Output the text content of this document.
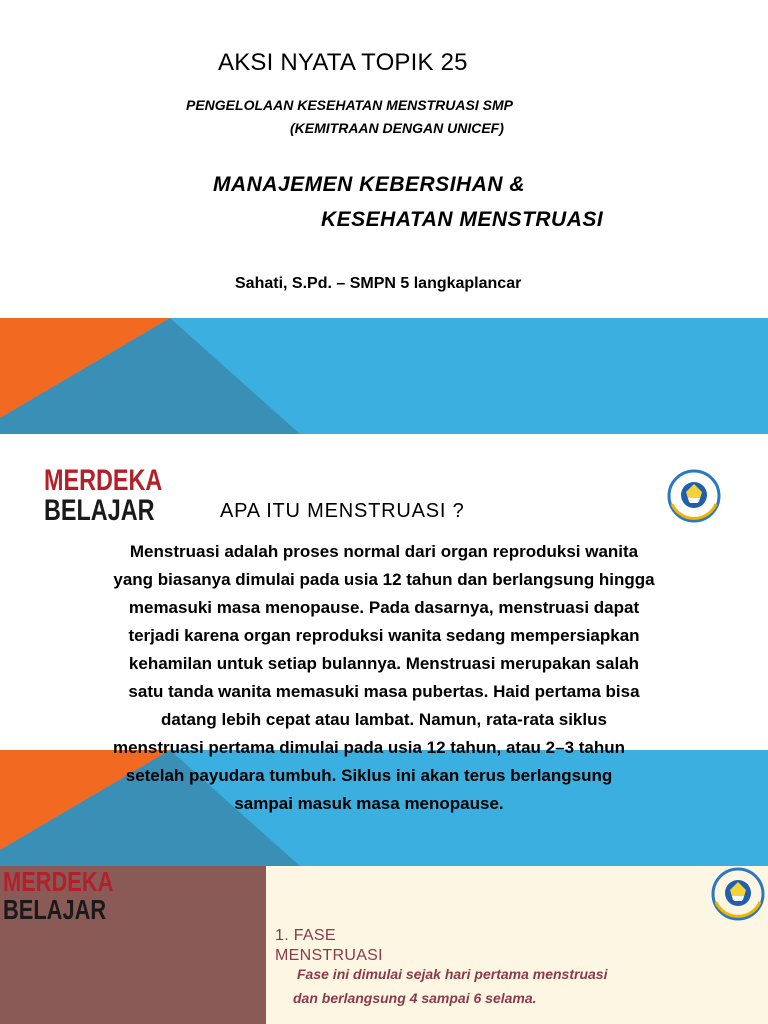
AKSI NYATA TOPIK 25
PENGELOLAAN KESEHATAN MENSTRUASI SMP
(KEMITRAAN DENGAN UNICEF)
MANAJEMEN KEBERSIHAN &
KESEHATAN MENSTRUASI
Sahati, S.Pd. – SMPN 5 langkaplancar
MERDEKA
BELAJAR	APA ITU MENSTRUASI ?
Menstruasi adalah proses normal dari organ reproduksi wanita
yang biasanya dimulai pada usia 12 tahun dan berlangsung hingga
memasuki masa menopause. Pada dasarnya, menstruasi dapat
terjadi karena organ reproduksi wanita sedang mempersiapkan
kehamilan untuk setiap bulannya. Menstruasi merupakan salah
satu tanda wanita memasuki masa pubertas. Haid pertama bisa
datang lebih cepat atau lambat. Namun, rata-rata siklus
menstruasi pertama dimulai pada usia 12 tahun, atau 2–3 tahun
setelah payudara tumbuh. Siklus ini akan terus berlangsung
sampai masuk masa menopause.
MERDEKA
BELAJAR
1. FASE
MENSTRUASI
Fase ini dimulai sejak hari pertama menstruasi
dan berlangsung 4 sampai 6 selama.
